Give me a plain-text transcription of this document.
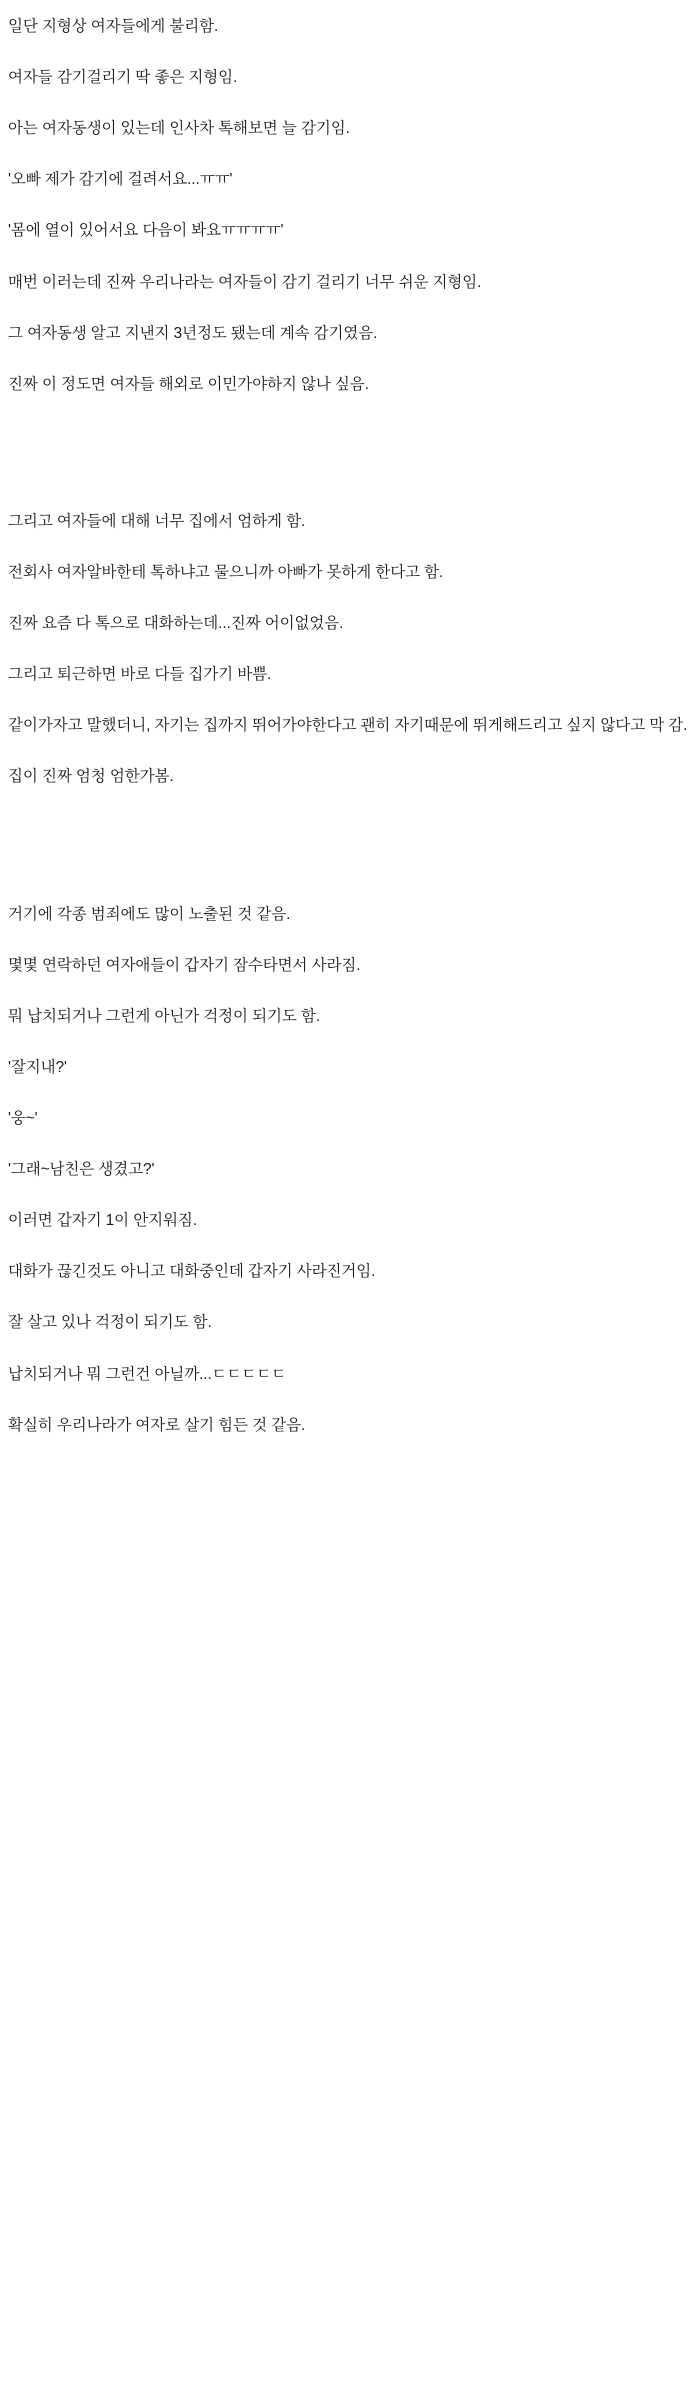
일단 지형상 여자들에게 불리함.

여자들 감기걸리기 딱 좋은 지형임.

아는 여자동생이 있는데 인사차 톡해보면 늘 감기임.

'오빠 제가 감기에 걸려서요...ㅠㅠ'

'몸에 열이 있어서요 다음이 봐요ㅠㅠㅠㅠ'

매번 이러는데 진짜 우리나라는 여자들이 감기 걸리기 너무 쉬운 지형임.

그 여자동생 알고 지낸지 3년정도 됐는데 계속 감기였음.

진짜 이 정도면 여자들 해외로 이민가야하지 않나 싶음.

그리고 여자들에 대해 너무 집에서 엄하게 함.

전회사 여자알바한테 톡하냐고 물으니까 아빠가 못하게 한다고 함.

진짜 요즘 다 톡으로 대화하는데...진짜 어이없었음.

그리고 퇴근하면 바로 다들 집가기 바쁨.

같이가자고 말했더니, 자기는 집까지 뛰어가야한다고 괜히 자기때문에 뛰게해드리고 싶지 않다고 막 감.

집이 진짜 엄청 엄한가봄.

거기에 각종 범죄에도 많이 노출된 것 같음.

몇몇 연락하던 여자애들이 갑자기 잠수타면서 사라짐.

뭐 납치되거나 그런게 아닌가 걱정이 되기도 함.

'잘지내?'

'웅~'

'그래~남친은 생겼고?'

이러면 갑자기 1이 안지워짐.

대화가 끊긴것도 아니고 대화중인데 갑자기 사라진거임.

잘 살고 있나 걱정이 되기도 함.

납치되거나 뭐 그런건 아닐까...ㄷㄷㄷㄷㄷ

확실히 우리나라가 여자로 살기 힘든 것 같음.
